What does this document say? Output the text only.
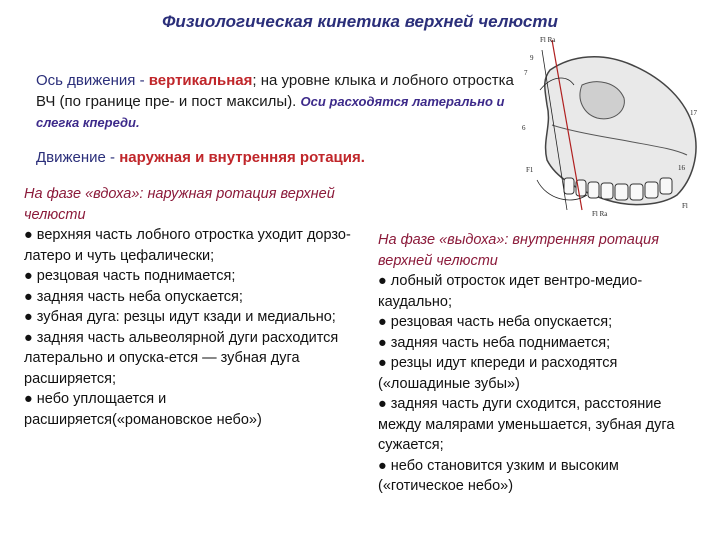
Физиологическая кинетика верхней челюсти
Ось движения - вертикальная; на уровне клыка и лобного отростка ВЧ (по границе пре- и пост максилы). Оси расходятся латерально и слегка кпереди.
Движение - наружная и внутренняя ротация.
На фазе «вдоха»: наружная ротация верхней челюсти
● верхняя часть лобного отростка уходит дорзо-латеро и чуть цефалически;
● резцовая часть поднимается;
● задняя часть неба опускается;
● зубная дуга: резцы идут кзади и медиально;
● задняя часть альвеолярной дуги расходится латерально и опуска-ется — зубная дуга расширяется;
● небо уплощается и расширяется(«романовское небо»)
На фазе «выдоха»: внутренняя ротация верхней челюсти
● лобный отросток идет вентро-медио-каудально;
● резцовая часть неба опускается;
● задняя часть неба поднимается;
● резцы идут кпереди и расходятся («лошадиные зубы»)
● задняя часть дуги сходится, расстояние между малярами уменьшается, зубная дуга сужается;
● небо становится узким и высоким («готическое небо»)
Fl Ra
9
7
17
6
F1	16
Fl
Fl Ra
